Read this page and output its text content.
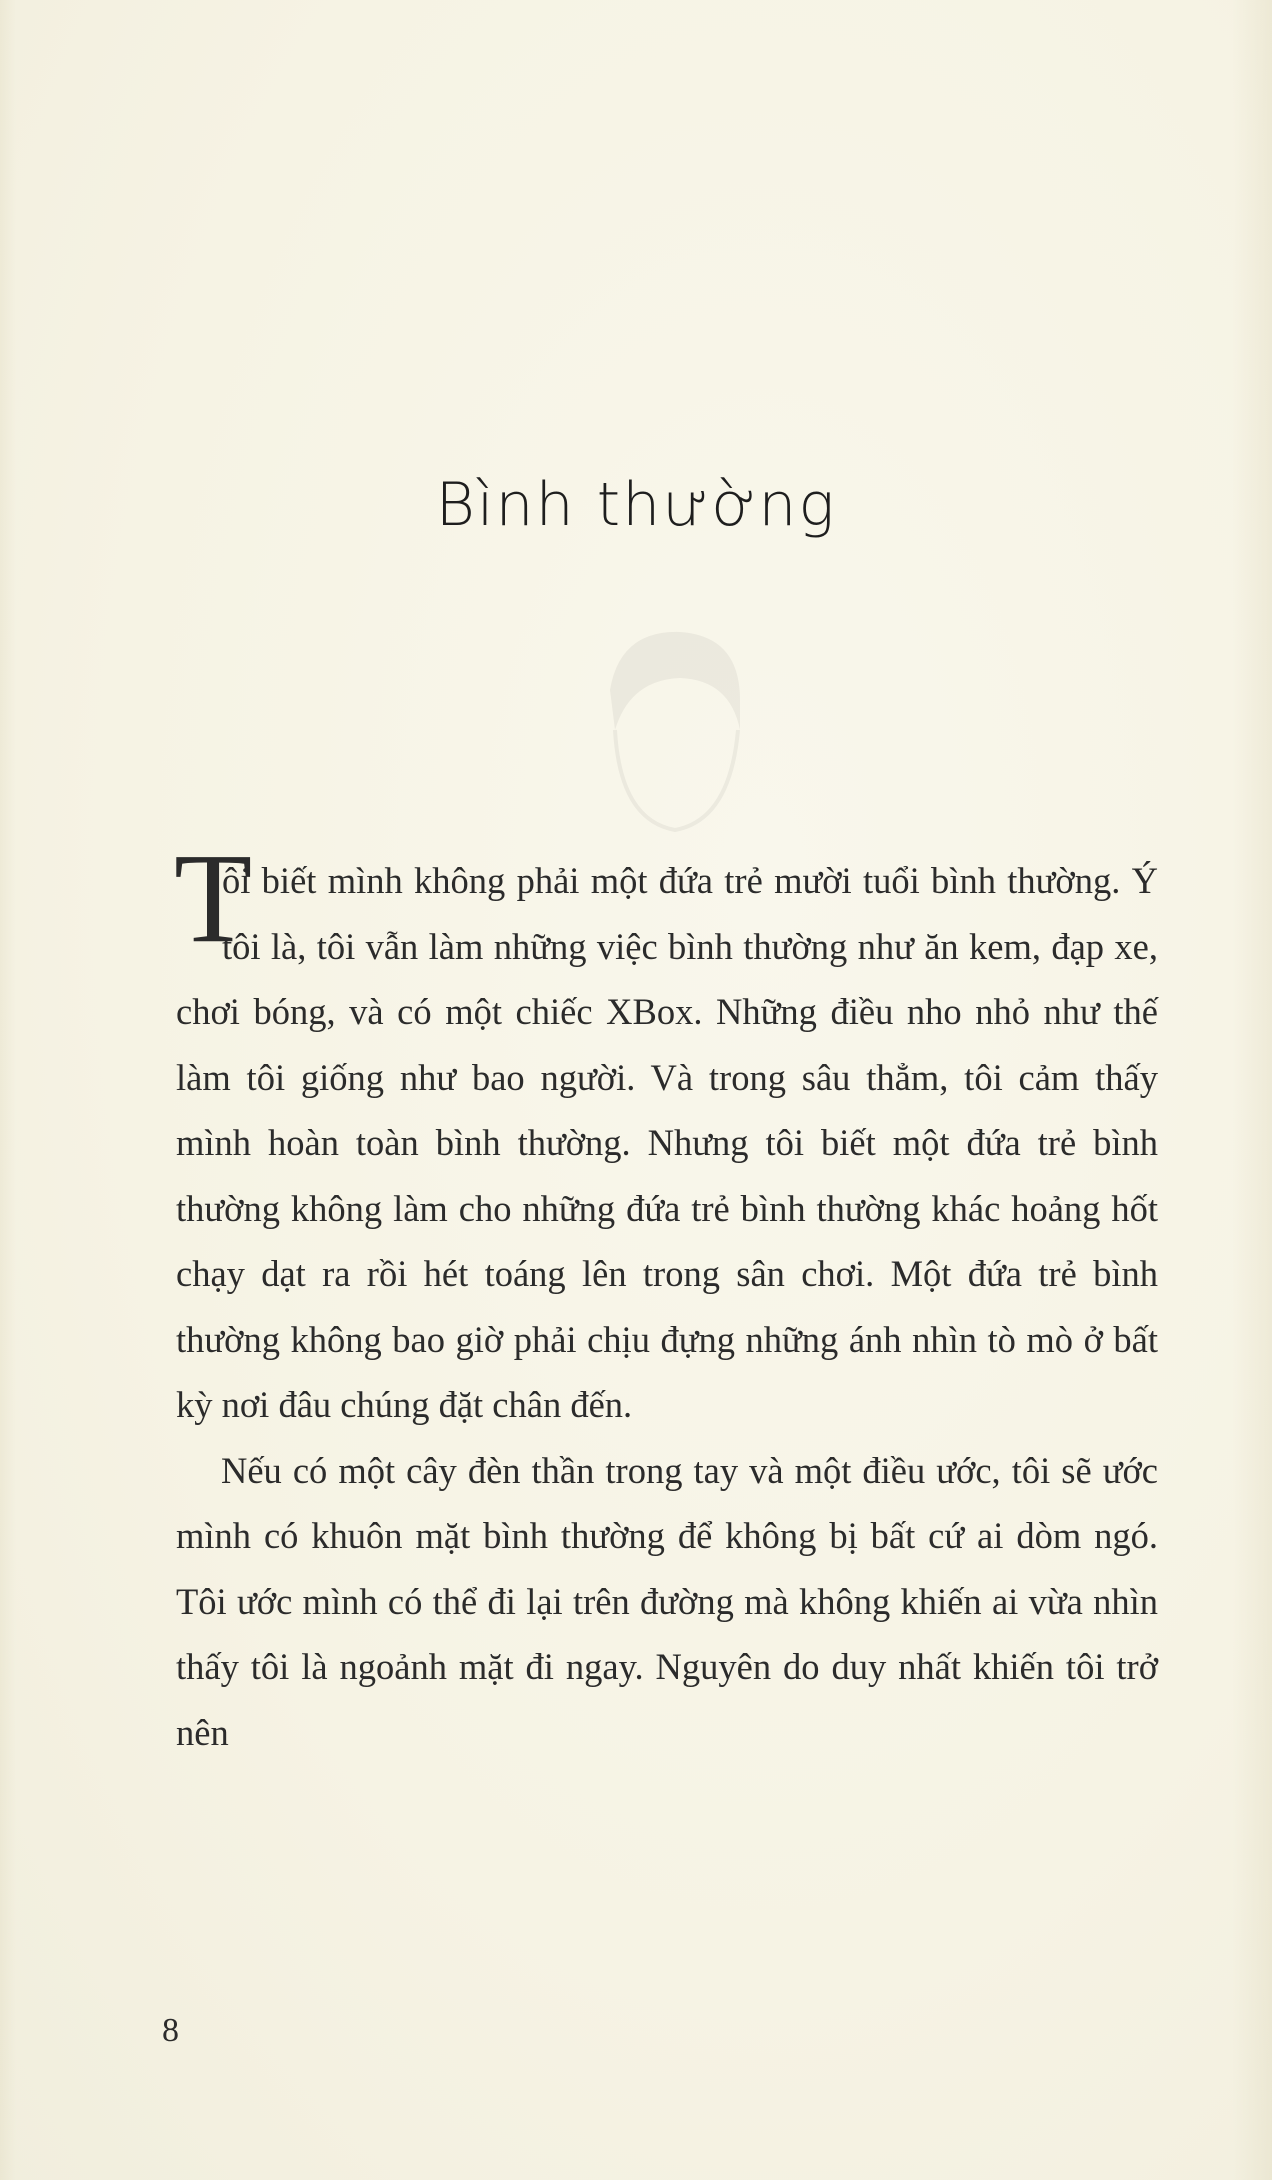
Bình thường

T
ôi biết mình không phải một đứa trẻ mười tuổi bình thường. Ý tôi là, tôi vẫn làm những việc bình thường như ăn kem, đạp xe, chơi bóng, và có một chiếc XBox. Những điều nho nhỏ như thế làm tôi giống như bao người. Và trong sâu thẳm, tôi cảm thấy mình hoàn toàn bình thường. Nhưng tôi biết một đứa trẻ bình thường không làm cho những đứa trẻ bình thường khác hoảng hốt chạy dạt ra rồi hét toáng lên trong sân chơi. Một đứa trẻ bình thường không bao giờ phải chịu đựng những ánh nhìn tò mò ở bất kỳ nơi đâu chúng đặt chân đến.

Nếu có một cây đèn thần trong tay và một điều ước, tôi sẽ ước mình có khuôn mặt bình thường để không bị bất cứ ai dòm ngó. Tôi ước mình có thể đi lại trên đường mà không khiến ai vừa nhìn thấy tôi là ngoảnh mặt đi ngay. Nguyên do duy nhất khiến tôi trở nên

8
